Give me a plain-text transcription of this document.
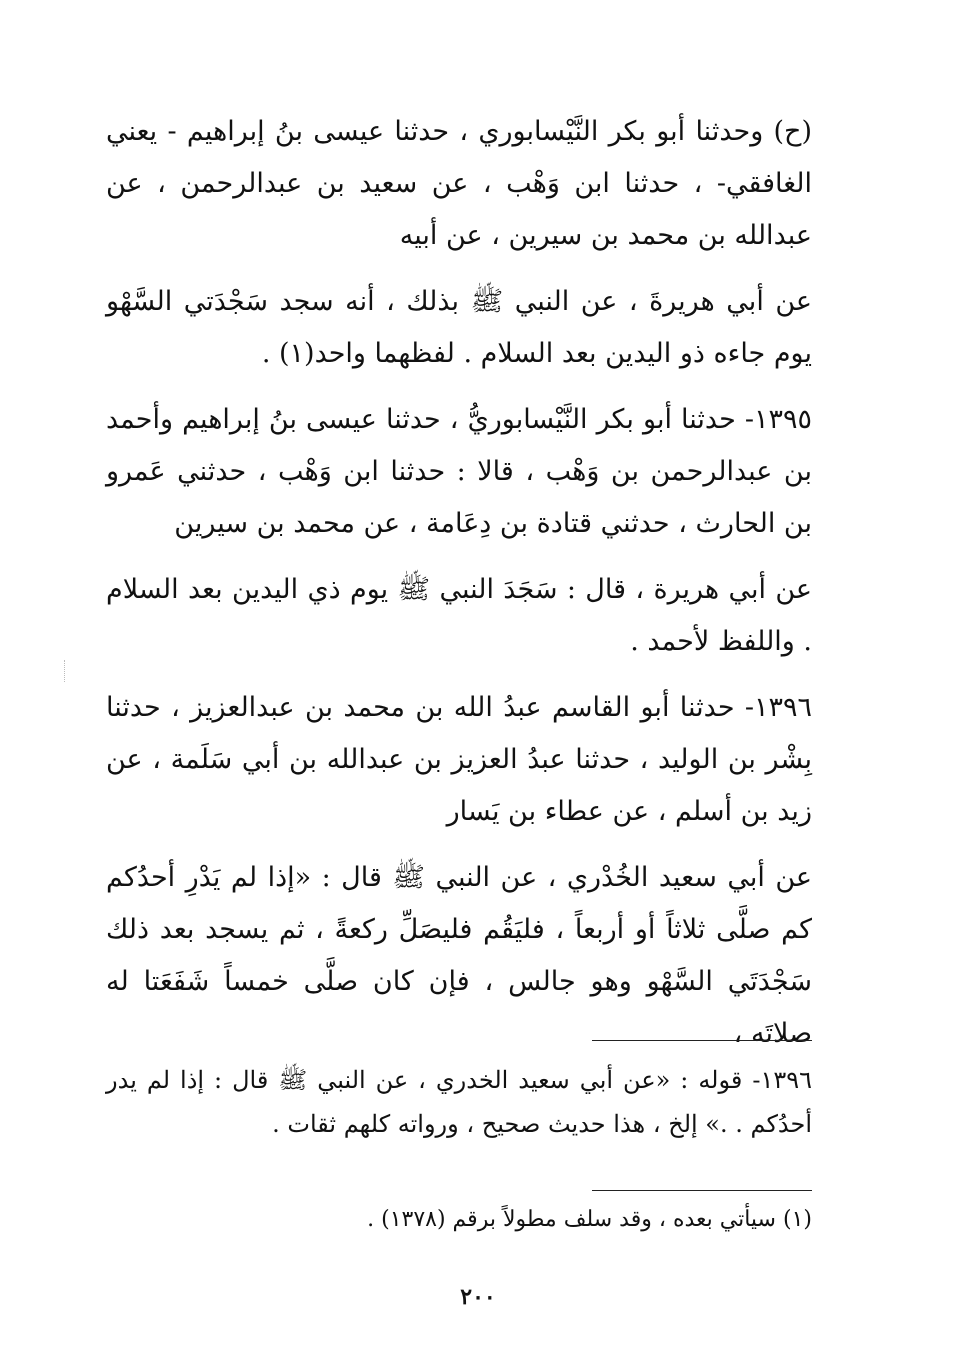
(ح) وحدثنا أبو بكر النَّيْسابوري ، حدثنا عيسى بنُ إبراهيم - يعني الغافقي- ، حدثنا ابن وَهْب ، عن سعيد بن عبدالرحمن ، عن عبدالله بن محمد بن سيرين ، عن أبيه

عن أبي هريرةَ ، عن النبي ﷺ بذلك ، أنه سجد سَجْدَتي السَّهْو يوم جاءه ذو اليدين بعد السلام . لفظهما واحد(١) .

١٣٩٥- حدثنا أبو بكر النَّيْسابوريُّ ، حدثنا عيسى بنُ إبراهيم وأحمد بن عبدالرحمن بن وَهْب ، قالا : حدثنا ابن وَهْب ، حدثني عَمرو بن الحارث ، حدثني قتادة بن دِعَامة ، عن محمد بن سيرين

عن أبي هريرة ، قال : سَجَدَ النبي ﷺ يوم ذي اليدين بعد السلام . واللفظ لأحمد .

١٣٩٦- حدثنا أبو القاسم عبدُ الله بن محمد بن عبدالعزيز ، حدثنا بِشْر بن الوليد ، حدثنا عبدُ العزيز بن عبدالله بن أبي سَلَمة ، عن زيد بن أسلم ، عن عطاء بن يَسار

عن أبي سعيد الخُدْري ، عن النبي ﷺ قال : «إذا لم يَدْرِ أحدُكم كم صلَّى ثلاثاً أو أربعاً ، فليَقُم فليصَلِّ ركعةً ، ثم يسجد بعد ذلك سَجْدَتَي السَّهْو وهو جالس ، فإن كان صلَّى خمساً شَفَعَتا له صلاتَه ،

١٣٩٦- قوله : «عن أبي سعيد الخدري ، عن النبي ﷺ قال : إذا لم يدر أحدُكم . .» إلخ ، هذا حديث صحيح ، ورواته كلهم ثقات .

(١) سيأتي بعده ، وقد سلف مطولاً برقم (١٣٧٨) .

٢٠٠
